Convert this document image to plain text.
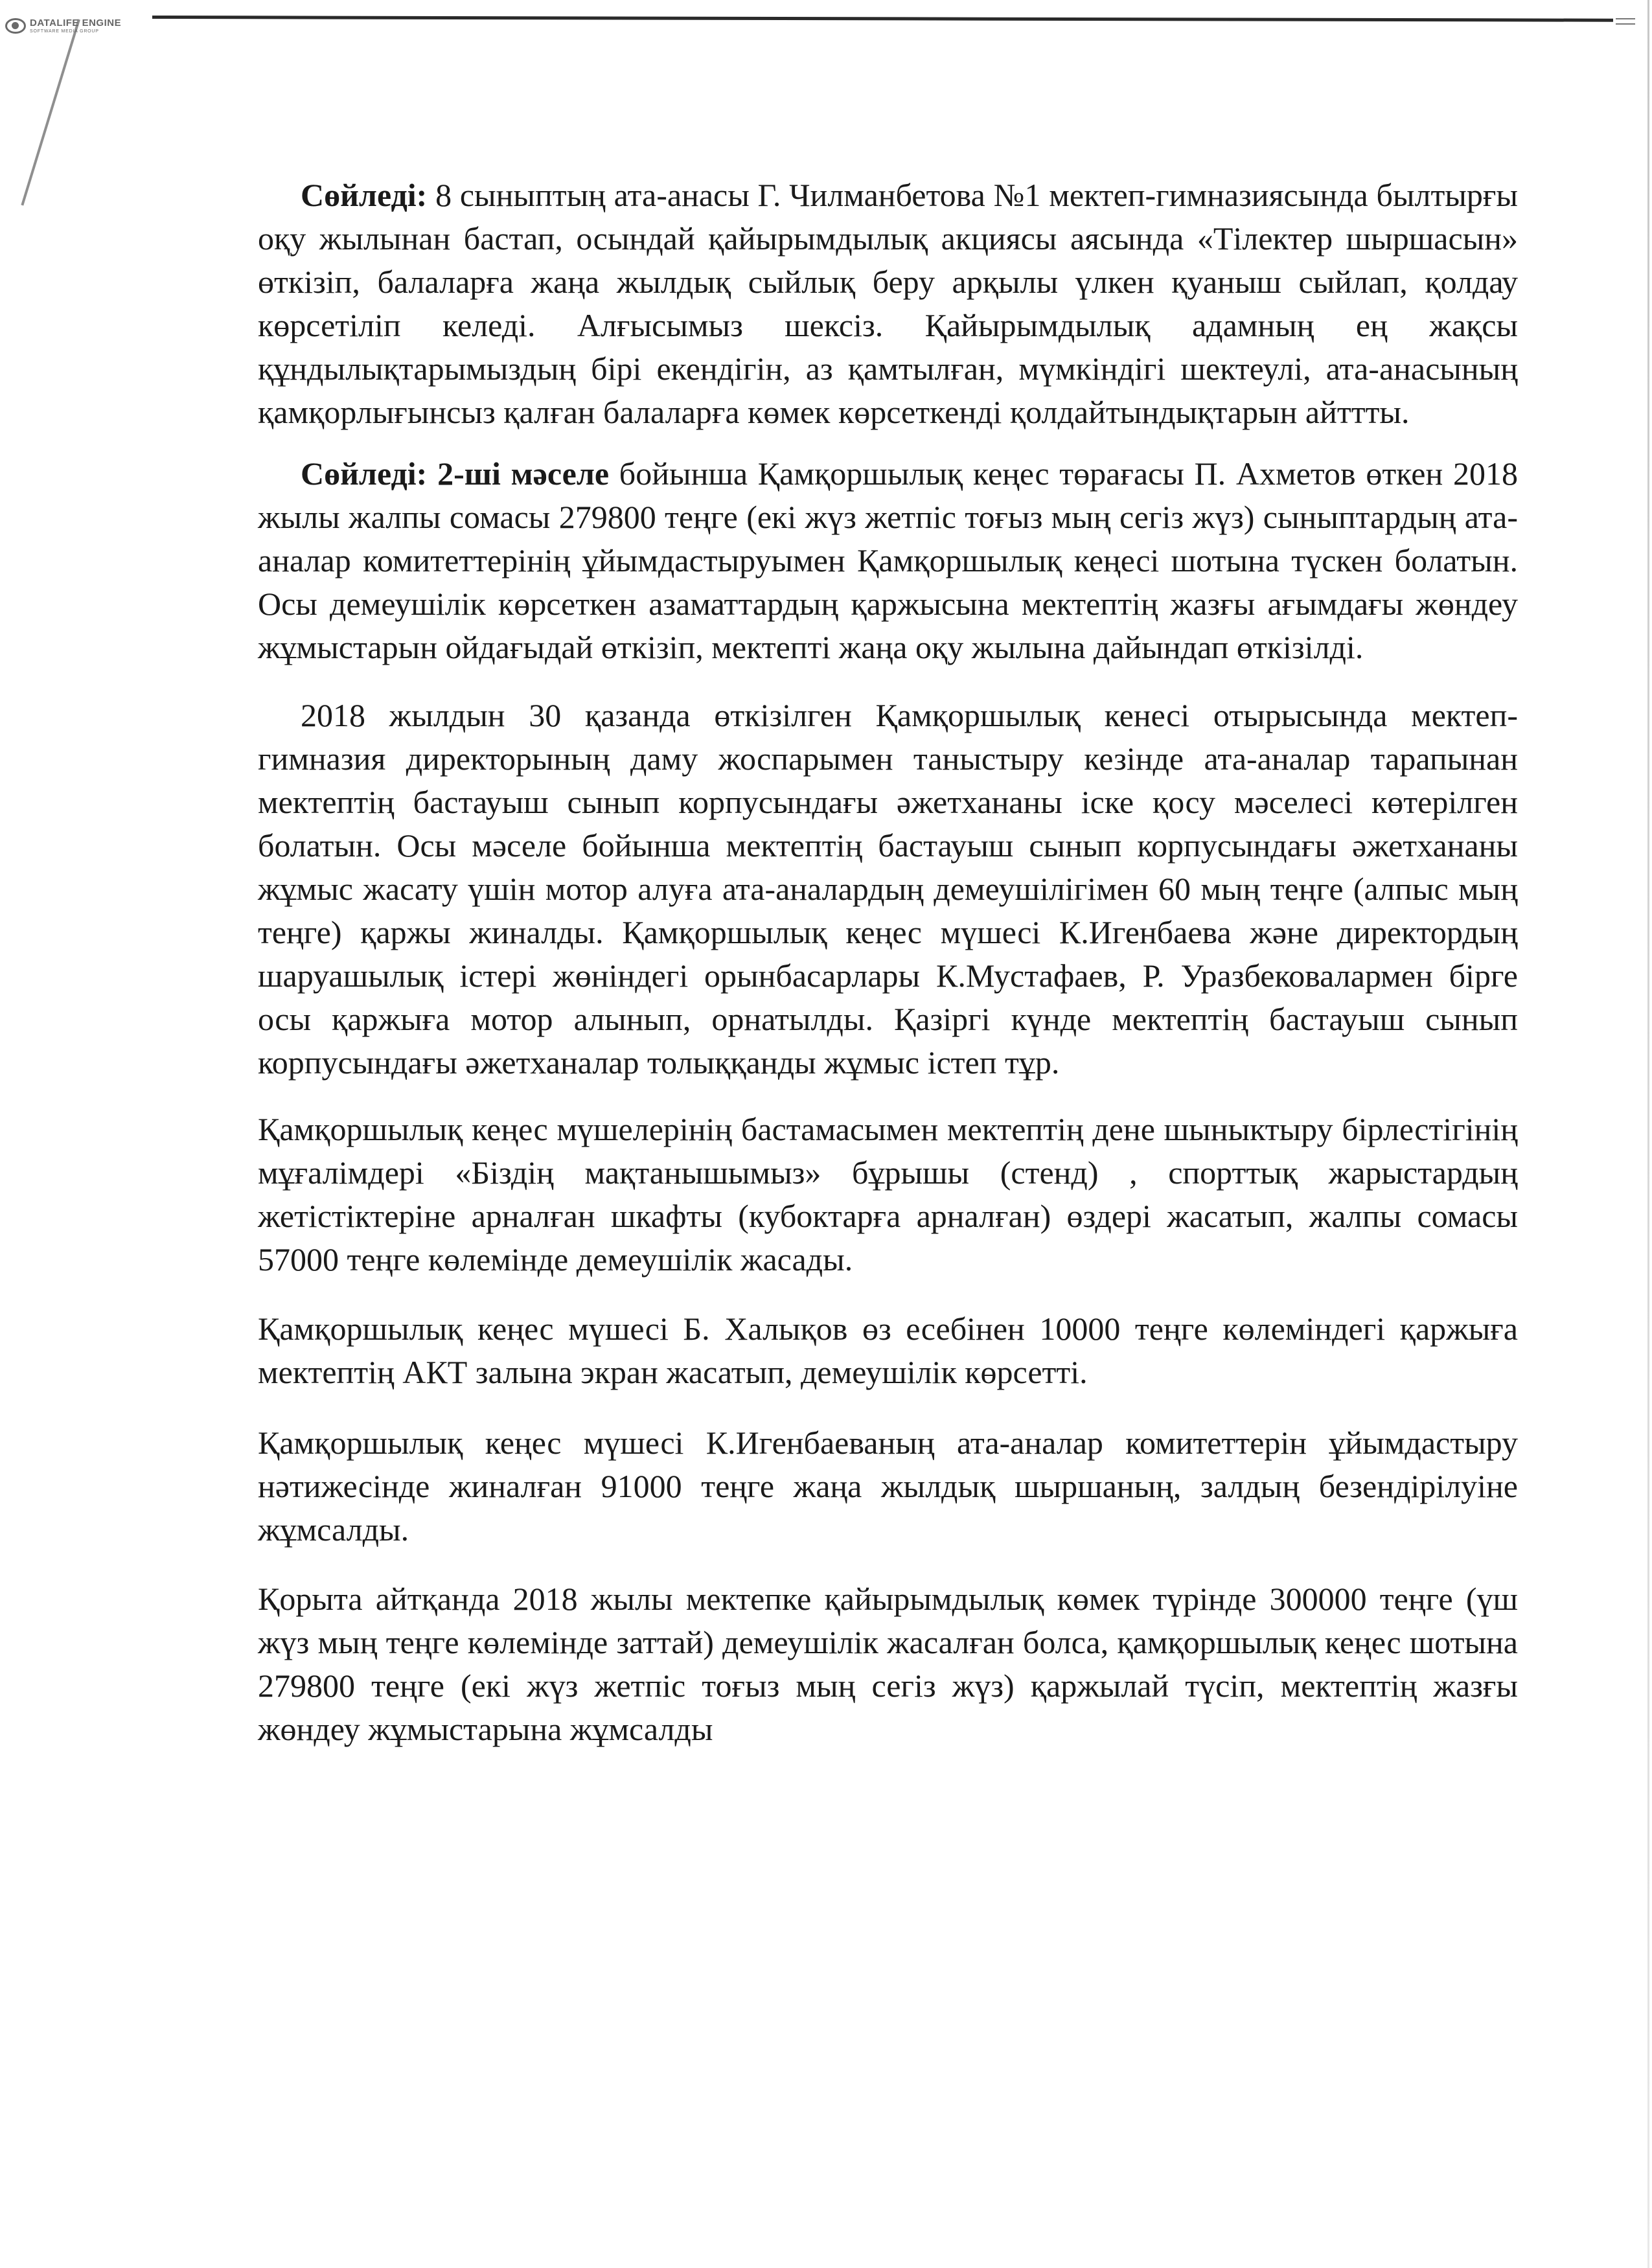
DATALIFE ENGINE
SOFTWARE MEDIA GROUP

Сөйледі: 8 сыныптың ата-анасы Г. Чилманбетова №1 мектеп-гимназиясында былтырғы оқу жылынан бастап, осындай қайырымдылық акциясы аясында «Тілектер шыршасын» өткізіп, балаларға жаңа жылдық сыйлық беру арқылы үлкен қуаныш сыйлап, қолдау көрсетіліп келеді. Алғысымыз шексіз. Қайырымдылық адамның ең жақсы құндылықтарымыздың бірі екендігін, аз қамтылған, мүмкіндігі шектеулі, ата-анасының қамқорлығынсыз қалған балаларға көмек көрсеткенді қолдайтындықтарын айттты.

Сөйледі: 2-ші мәселе бойынша Қамқоршылық кеңес төрағасы П. Ахметов өткен 2018 жылы жалпы сомасы 279800 теңге (екі жүз жетпіс тоғыз мың сегіз жүз) сыныптардың ата-аналар комитеттерінің ұйымдастыруымен Қамқоршылық кеңесі шотына түскен болатын. Осы демеушілік көрсеткен азаматтардың қаржысына мектептің жазғы ағымдағы жөндеу жұмыстарын ойдағыдай өткізіп, мектепті жаңа оқу жылына дайындап өткізілді.

2018 жылдын 30 қазанда өткізілген Қамқоршылық кенесі отырысында мектеп-гимназия директорының даму жоспарымен таныстыру кезінде ата-аналар тарапынан мектептің бастауыш сынып корпусындағы әжетхананы іске қосу мәселесі көтерілген болатын. Осы мәселе бойынша мектептің бастауыш сынып корпусындағы әжетхананы жұмыс жасату үшін мотор алуға ата-аналардың демеушілігімен 60 мың теңге (алпыс мың теңге) қаржы жиналды. Қамқоршылық кеңес мүшесі К.Игенбаева және директордың шаруашылық істері жөніндегі орынбасарлары К.Мустафаев, Р. Уразбековалармен бірге осы қаржыға мотор алынып, орнатылды. Қазіргі күнде мектептің бастауыш сынып корпусындағы әжетханалар толыққанды жұмыс істеп тұр.

Қамқоршылық кеңес мүшелерінің бастамасымен мектептің дене шыныктыру бірлестігінің мұғалімдері «Біздің мақтанышымыз» бұрышы (стенд) , спорттық жарыстардың жетістіктеріне арналған шкафты (кубоктарға арналған) өздері жасатып, жалпы сомасы 57000 теңге көлемінде демеушілік жасады.

Қамқоршылық кеңес мүшесі Б. Халықов өз есебінен 10000 теңге көлеміндегі қаржыға мектептің АКТ залына экран жасатып, демеушілік көрсетті.

Қамқоршылық кеңес мүшесі К.Игенбаеваның ата-аналар комитеттерін ұйымдастыру нәтижесінде жиналған 91000 теңге жаңа жылдық шыршаның, залдың безендірілуіне жұмсалды.

Қорыта айтқанда 2018 жылы мектепке қайырымдылық көмек түрінде 300000 теңге (үш жүз мың теңге көлемінде заттай) демеушілік жасалған болса, қамқоршылық кеңес шотына 279800 теңге (екі жүз жетпіс тоғыз мың сегіз жүз) қаржылай түсіп, мектептің жазғы жөндеу жұмыстарына жұмсалды
